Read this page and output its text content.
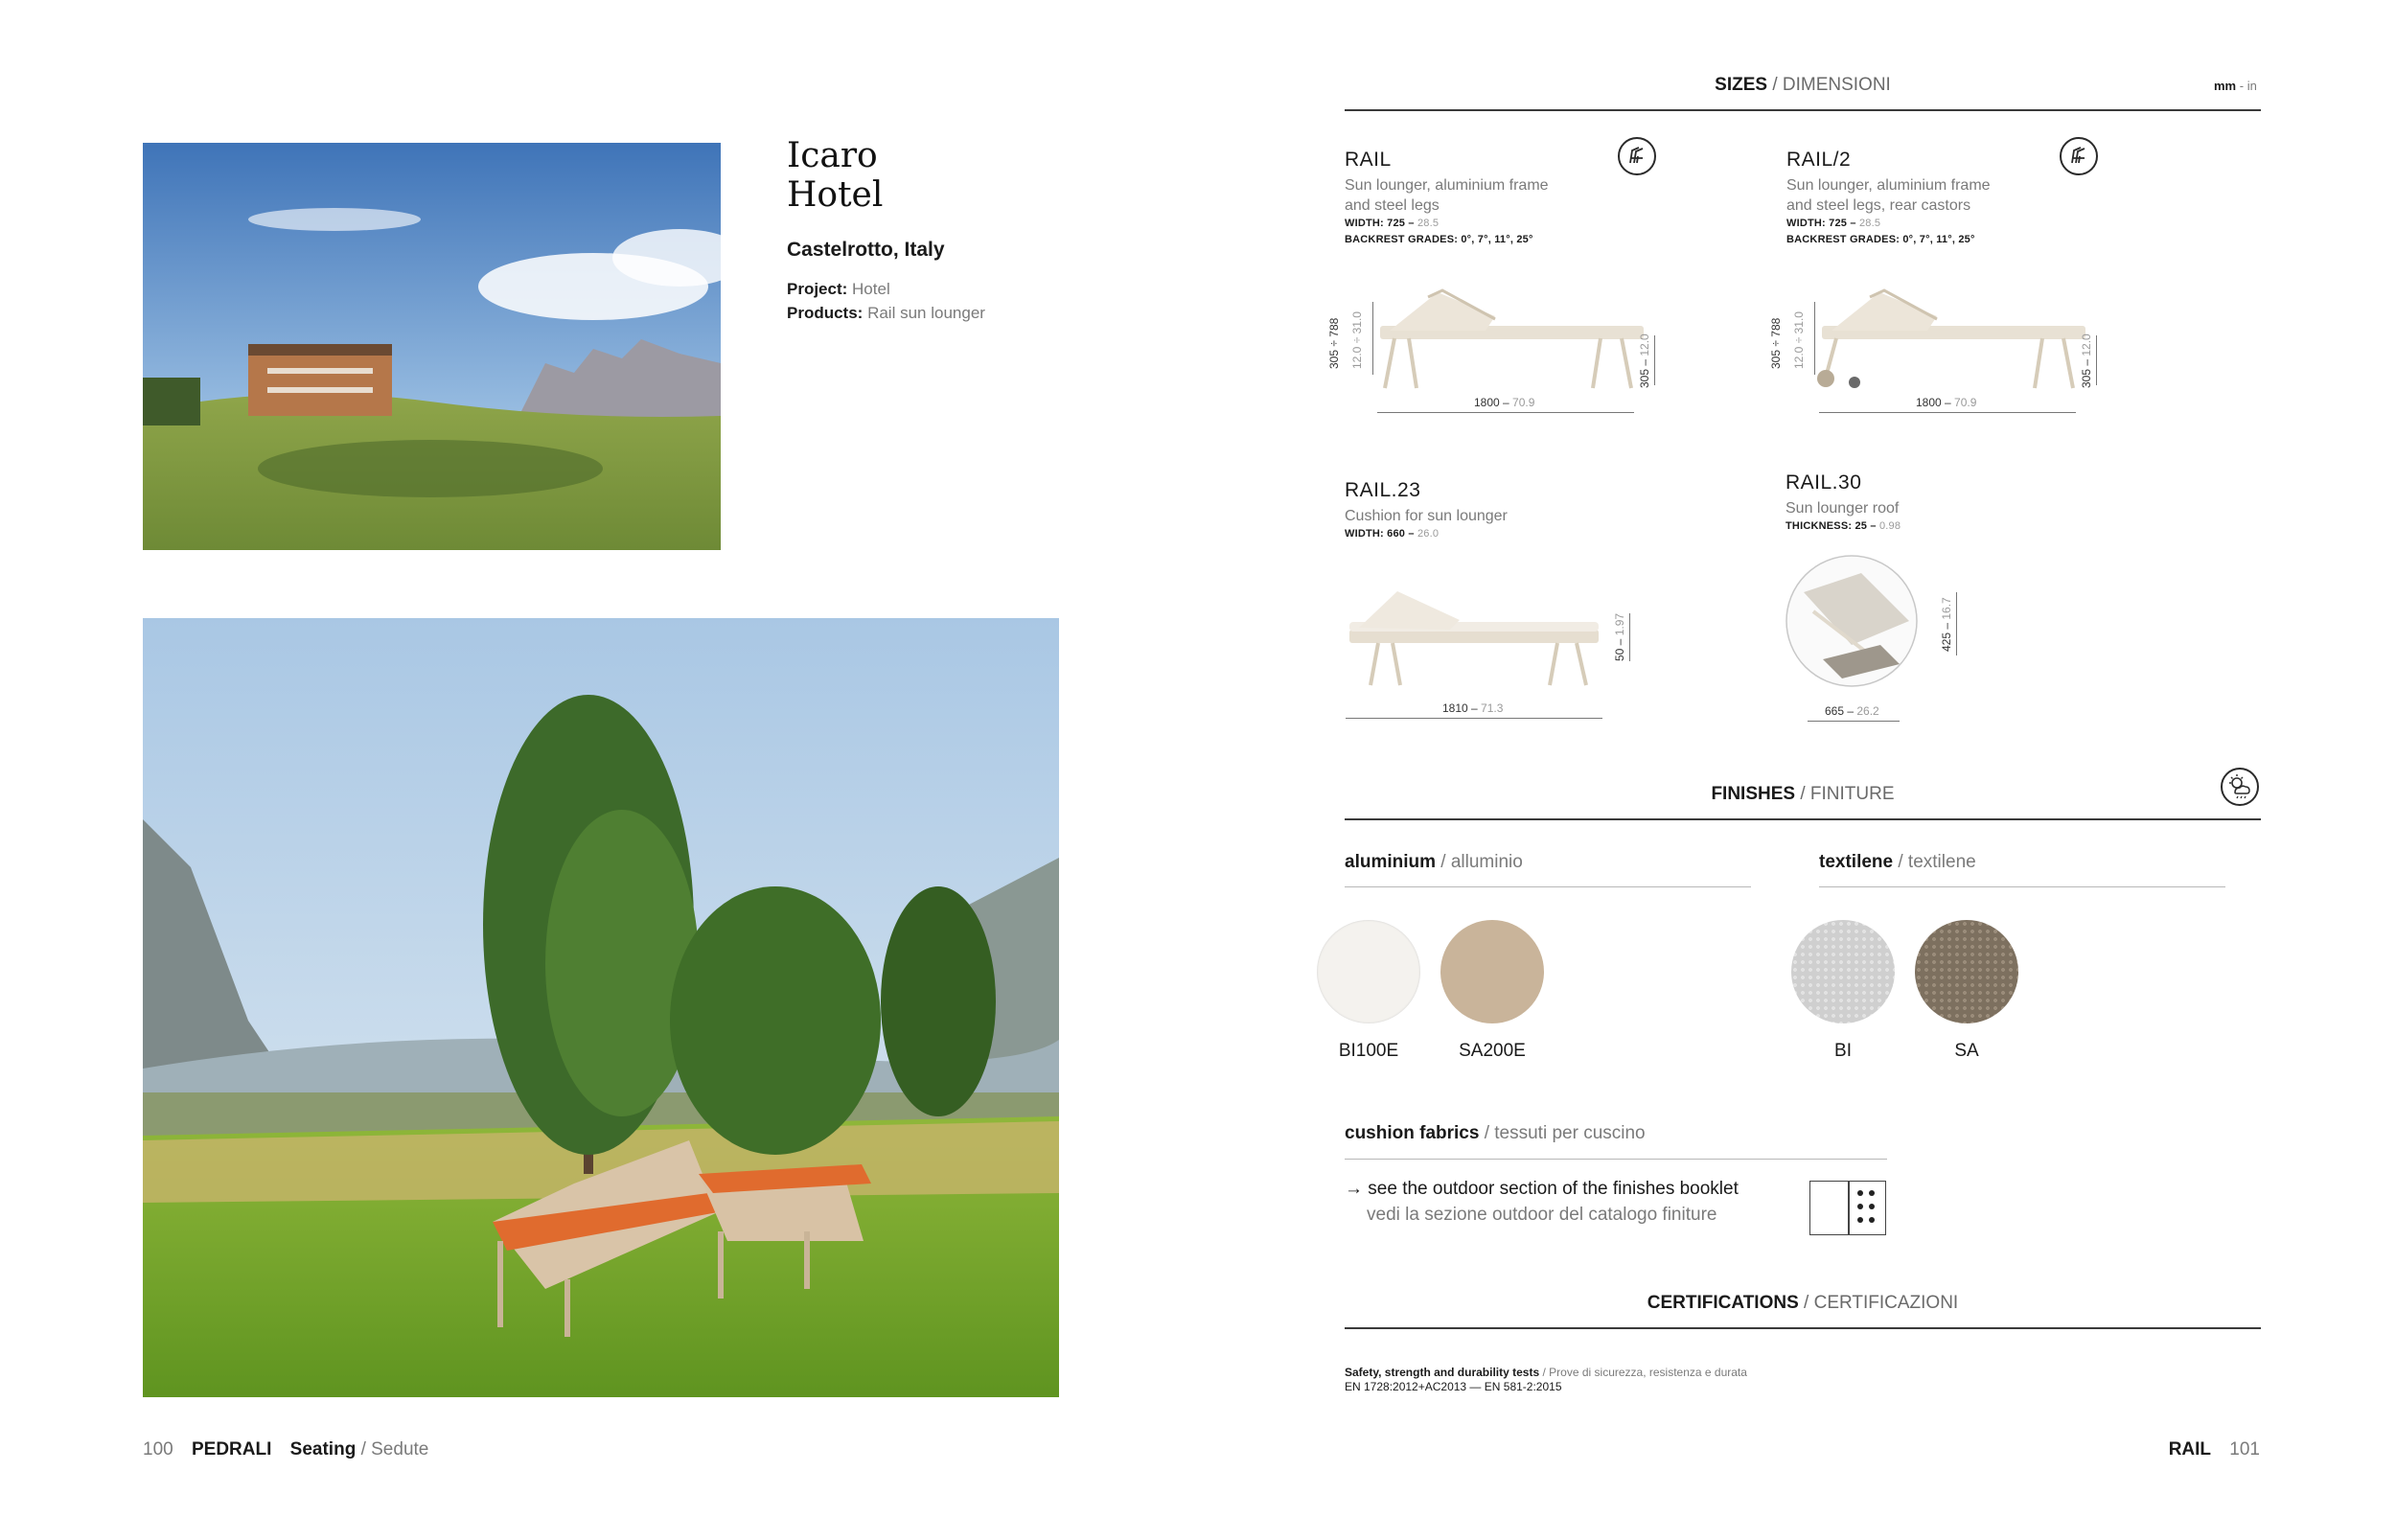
Icaro
Hotel
Castelrotto, Italy
Project: Hotel
Products: Rail sun lounger
100 PEDRALI Seating / Sedute
SIZES / DIMENSIONI	mm - in
RAIL
Sun lounger, aluminium frame
and steel legs
WIDTH: 725 – 28.5
BACKREST GRADES: 0°, 7°, 11°, 25°
305 ÷ 788 12.0 ÷ 31.0
305 – 12.0
1800 – 70.9
RAIL/2
Sun lounger, aluminium frame
and steel legs, rear castors
WIDTH: 725 – 28.5
BACKREST GRADES: 0°, 7°, 11°, 25°
305 ÷ 788 12.0 ÷ 31.0
305 – 12.0
1800 – 70.9
RAIL.23
Cushion for sun lounger
WIDTH: 660 – 26.0
50 – 1.97
1810 – 71.3
RAIL.30
Sun lounger roof
THICKNESS: 25 – 0.98
425 – 16.7
665 – 26.2
FINISHES / FINITURE
aluminium / alluminio	textilene / textilene
BI100E	SA200E	BI	SA
cushion fabrics / tessuti per cuscino
→ see the outdoor section of the finishes booklet
vedi la sezione outdoor del catalogo finiture
CERTIFICATIONS / CERTIFICAZIONI
Safety, strength and durability tests / Prove di sicurezza, resistenza e durata
EN 1728:2012+AC2013 — EN 581-2:2015
RAIL 101
